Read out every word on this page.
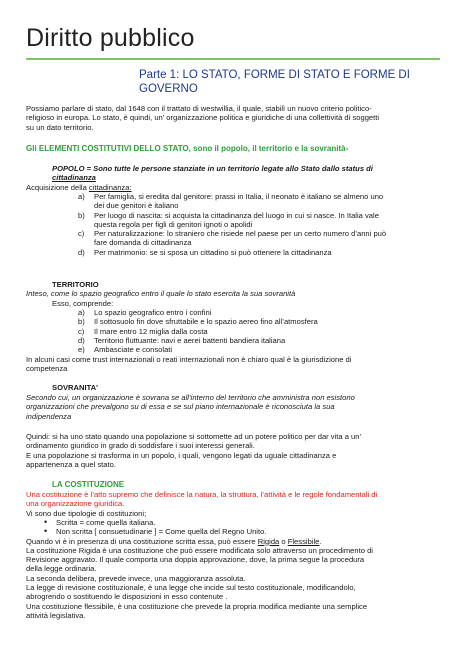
Diritto pubblico
Parte 1: LO STATO, FORME DI STATO E FORME DI GOVERNO
Possiamo parlare di stato, dal 1648 con il trattato di westwillia, il quale, stabilì un nuovo criterio politico-
religioso in europa. Lo stato, è quindi, un’ organizzazione politica e giuridiche di una collettività di soggetti
su un dato territorio.
Gli ELEMENTI COSTITUTIVI DELLO STATO, sono il popolo, il territorio e la sovranità-
POPOLO = Sono tutte le persone stanziate in un territorio legate allo Stato dallo status di
cittadinanza
Acquisizione della cittadinanza:
a) Per famiglia, si eredita dal genitore: prassi in Italia, il neonato è italiano se almeno uno
dei due genitori è italiano
b) Per luogo di nascita: si acquista la cittadinanza del luogo in cui si nasce. In Italia vale
questa regola per figli di genitori ignoti o apolidi
c) Per naturalizzazione: lo straniero che risiede nel paese per un certo numero d’anni può
fare domanda di cittadinanza
d) Per matrimonio: se si sposa un cittadino si può ottenere la cittadinanza
TERRITORIO
Inteso, come lo spazio geografico entro il quale lo stato esercita la sua sovranità
Esso, comprende:
a) Lo spazio geografico entro i confini
b) Il sottosuolo fin dove sfruttabile e lo spazio aereo fino all’atmosfera
c) Il mare entro 12 miglia dalla costa
d) Territorio fluttuante: navi e aerei battenti bandiera italiana
e) Ambasciate e consolati
In alcuni casi come trust internazionali o reati internazionali non è chiaro qual è la giurisdizione di
competenza
SOVRANITA'
Secondo cui, un organizzazione è sovrana se all’interno del territorio che amministra non esistono
organizzazioni che prevalgono su di essa e se sul piano internazionale è riconosciuta la sua
indipendenza
Quindi: si ha uno stato quando una popolazione si sottomette ad un potere politico per dar vita a un’
ordinamento giuridico in grado di soddisfare i suoi interessi generali.
E una popolazione si trasforma in un popolo, i quali, vengono legati da uguale cittadinanza e
appartenenza a quel stato.
LA COSTITUZIONE
Una costituzione è l’atto supremo che definisce la natura, la struttura, l’attività e le regole fondamentali di
una organizzazione giuridica.
Vi sono due tipologie di costituzioni;
• Scritta = come quella italiana.
• Non scritta [ consuetudinarie ] = Come quella del Regno Unito.
Quando vi è in presenza di una costituzione scritta essa, può essere Rigida o Flessibile.
La costituzione Rigida è una costituzione che può essere modificata solo attraverso un procedimento di
Revisione aggravato. Il quale comporta una doppia approvazione, dove, la prima segue la procedura
della legge ordinaria.
La seconda delibera, prevede invece, una maggioranza assoluta.
La legge di revisione costituzionale, è una legge che incide sul testo costituzionale, modificandolo,
abrogrendo o sostituendo le disposizioni in esso contenute .
Una costituzione flessibile, è una costituzione che prevede la propria modifica mediante una semplice
attività legislativa.
